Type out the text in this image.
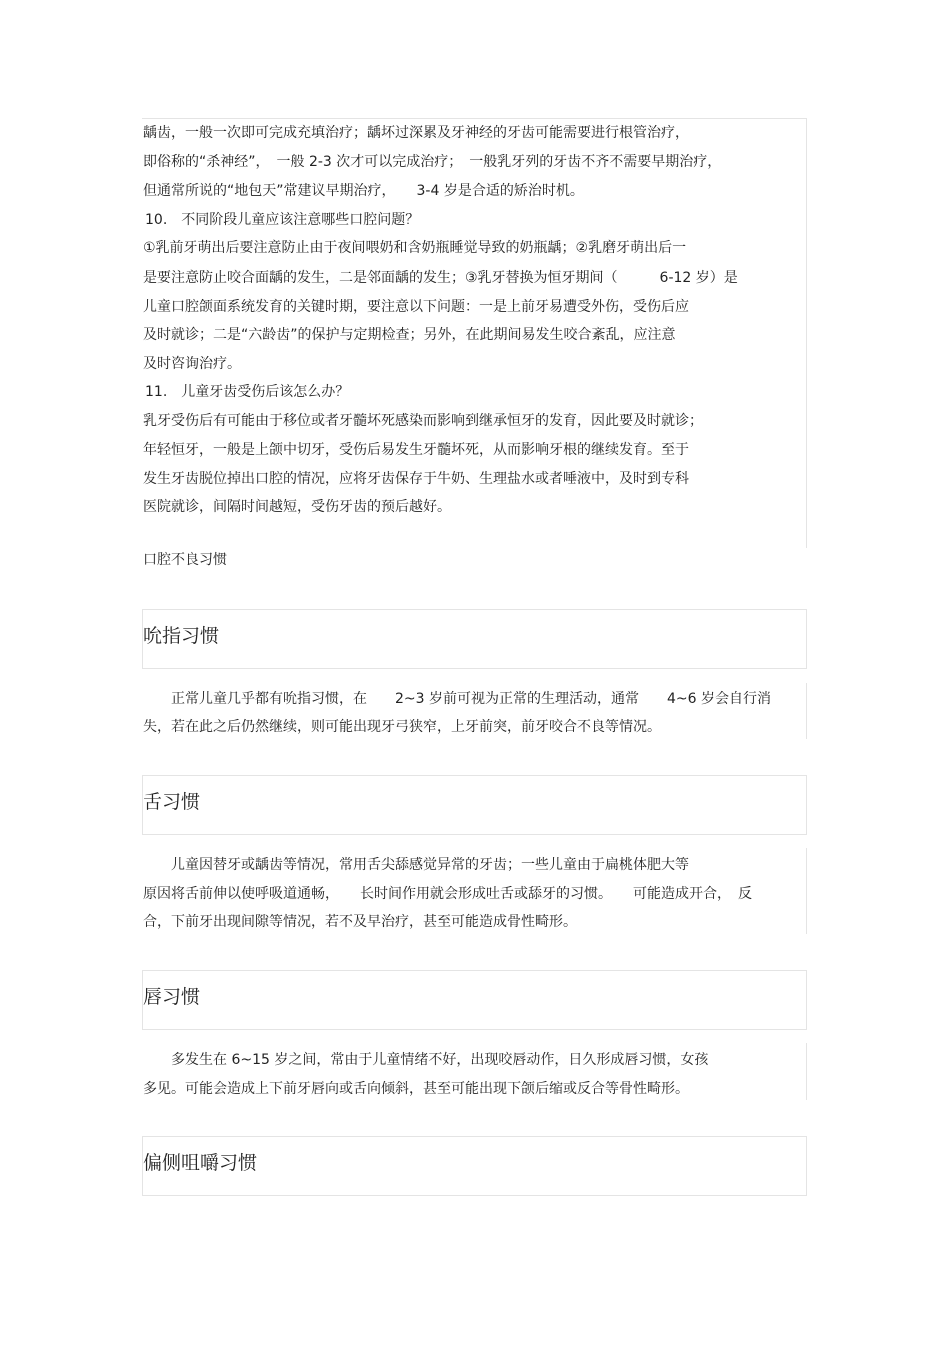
龋齿，一般一次即可完成充填治疗；龋坏过深累及牙神经的牙齿可能需要进行根管治疗，
即俗称的“杀神经”，　一般 2-3 次才可以完成治疗；　一般乳牙列的牙齿不齐不需要早期治疗，
但通常所说的“地包天”常建议早期治疗，　　3-4 岁是合适的矫治时机。
10.　不同阶段儿童应该注意哪些口腔问题？
①乳前牙萌出后要注意防止由于夜间喂奶和含奶瓶睡觉导致的奶瓶龋；②乳磨牙萌出后一
是要注意防止咬合面龋的发生，二是邻面龋的发生；③乳牙替换为恒牙期间（　　　6-12 岁）是
儿童口腔颌面系统发育的关键时期，要注意以下问题：一是上前牙易遭受外伤，受伤后应
及时就诊；二是“六龄齿”的保护与定期检查；另外，在此期间易发生咬合紊乱，应注意
及时咨询治疗。
11.　儿童牙齿受伤后该怎么办？
乳牙受伤后有可能由于移位或者牙髓坏死感染而影响到继承恒牙的发育，因此要及时就诊；
年轻恒牙，一般是上颌中切牙，受伤后易发生牙髓坏死，从而影响牙根的继续发育。至于
发生牙齿脱位掉出口腔的情况，应将牙齿保存于牛奶、生理盐水或者唾液中，及时到专科
医院就诊，间隔时间越短，受伤牙齿的预后越好。
口腔不良习惯
吮指习惯
　　正常儿童几乎都有吮指习惯，在　　2~3 岁前可视为正常的生理活动，通常　　4~6 岁会自行消
失，若在此之后仍然继续，则可能出现牙弓狭窄，上牙前突，前牙咬合不良等情况。
舌习惯
　　儿童因替牙或龋齿等情况，常用舌尖舔感觉异常的牙齿；一些儿童由于扁桃体肥大等
原因将舌前伸以使呼吸道通畅，　　长时间作用就会形成吐舌或舔牙的习惯。　　可能造成开合，　反
合，下前牙出现间隙等情况，若不及早治疗，甚至可能造成骨性畸形。
唇习惯
　　多发生在 6~15 岁之间，常由于儿童情绪不好，出现咬唇动作，日久形成唇习惯，女孩
多见。可能会造成上下前牙唇向或舌向倾斜，甚至可能出现下颌后缩或反合等骨性畸形。
偏侧咀嚼习惯
